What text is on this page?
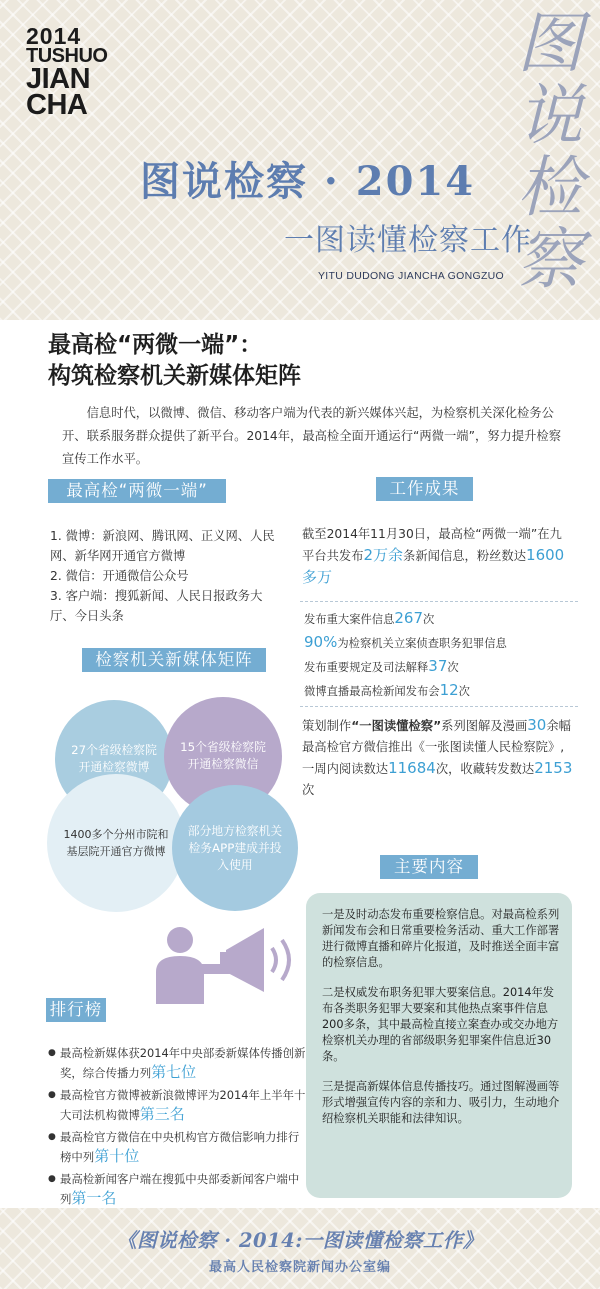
2014
TUSHUO
JIAN
CHA
图
说
检
察
图说检察 · 2014
一图读懂检察工作
YITU DUDONG JIANCHA GONGZUO
最高检“两微一端”：
构筑检察机关新媒体矩阵
信息时代，以微博、微信、移动客户端为代表的新兴媒体兴起，为检察机关深化检务公开、联系服务群众提供了新平台。2014年，最高检全面开通运行“两微一端”，努力提升检察宣传工作水平。
最高检“两微一端”	工作成果
1. 微博：新浪网、腾讯网、正义网、人民网、新华网开通官方微博
2. 微信：开通微信公众号
3. 客户端：搜狐新闻、人民日报政务大厅、今日头条
检察机关新媒体矩阵
27个省级检察院开通检察微博
15个省级检察院开通检察微信
1400多个分州市院和基层院开通官方微博
部分地方检察机关检务APP建成并投入使用
截至2014年11月30日，最高检“两微一端”在九平台共发布2万余条新闻信息，粉丝数达1600多万
发布重大案件信息267次
90%为检察机关立案侦查职务犯罪信息
发布重要规定及司法解释37次
微博直播最高检新闻发布会12次
策划制作“一图读懂检察”系列图解及漫画30余幅
最高检官方微信推出《一张图读懂人民检察院》,一周内阅读数达11684次，收藏转发数达2153次
主要内容

一是及时动态发布重要检察信息。对最高检系列新闻发布会和日常重要检务活动、重大工作部署进行微博直播和碎片化报道，及时推送全面丰富的检察信息。

二是权威发布职务犯罪大要案信息。2014年发布各类职务犯罪大要案和其他热点案事件信息200多条，其中最高检直接立案查办或交办地方检察机关办理的省部级职务犯罪案件信息近30条。

三是提高新媒体信息传播技巧。通过图解漫画等形式增强宣传内容的亲和力、吸引力，生动地介绍检察机关职能和法律知识。

排行榜
● 最高检新媒体获2014年中央部委新媒体传播创新奖，综合传播力列第七位
● 最高检官方微博被新浪微博评为2014年上半年十大司法机构微博第三名
● 最高检官方微信在中央机构官方微信影响力排行榜中列第十位
● 最高检新闻客户端在搜狐中央部委新闻客户端中列第一名
《图说检察 · 2014:一图读懂检察工作》
最高人民检察院新闻办公室编
